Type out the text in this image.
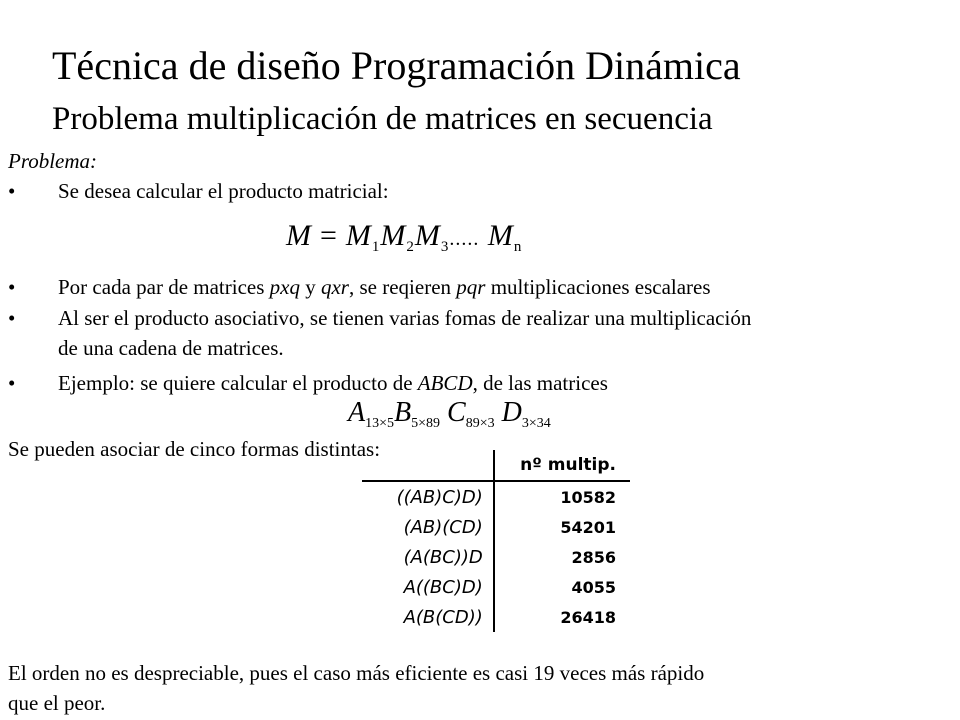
Técnica de diseño Programación Dinámica
Problema multiplicación de matrices en secuencia
Problema:
• Se desea calcular el producto matricial:
$M = M_1M_2M_3$..... $M_n$
• Por cada par de matrices pxq y qxr, se reqieren pqr multiplicaciones escalares
• Al ser el producto asociativo, se tienen varias fomas de realizar una multiplicación
de una cadena de matrices.
• Ejemplo: se quiere calcular el producto de ABCD, de las matrices
$A_{13\times 5}B_{5\times 89}$ $C_{89\times 3}$ $D_{3\times 34}$
Se pueden asociar de cinco formas distintas:
	nº multip.
((AB)C)D)	10582
(AB)(CD)	54201
(A(BC))D	2856
A((BC)D)	4055
A(B(CD))	26418
El orden no es despreciable, pues el caso más eficiente es casi 19 veces más rápido
que el peor.
